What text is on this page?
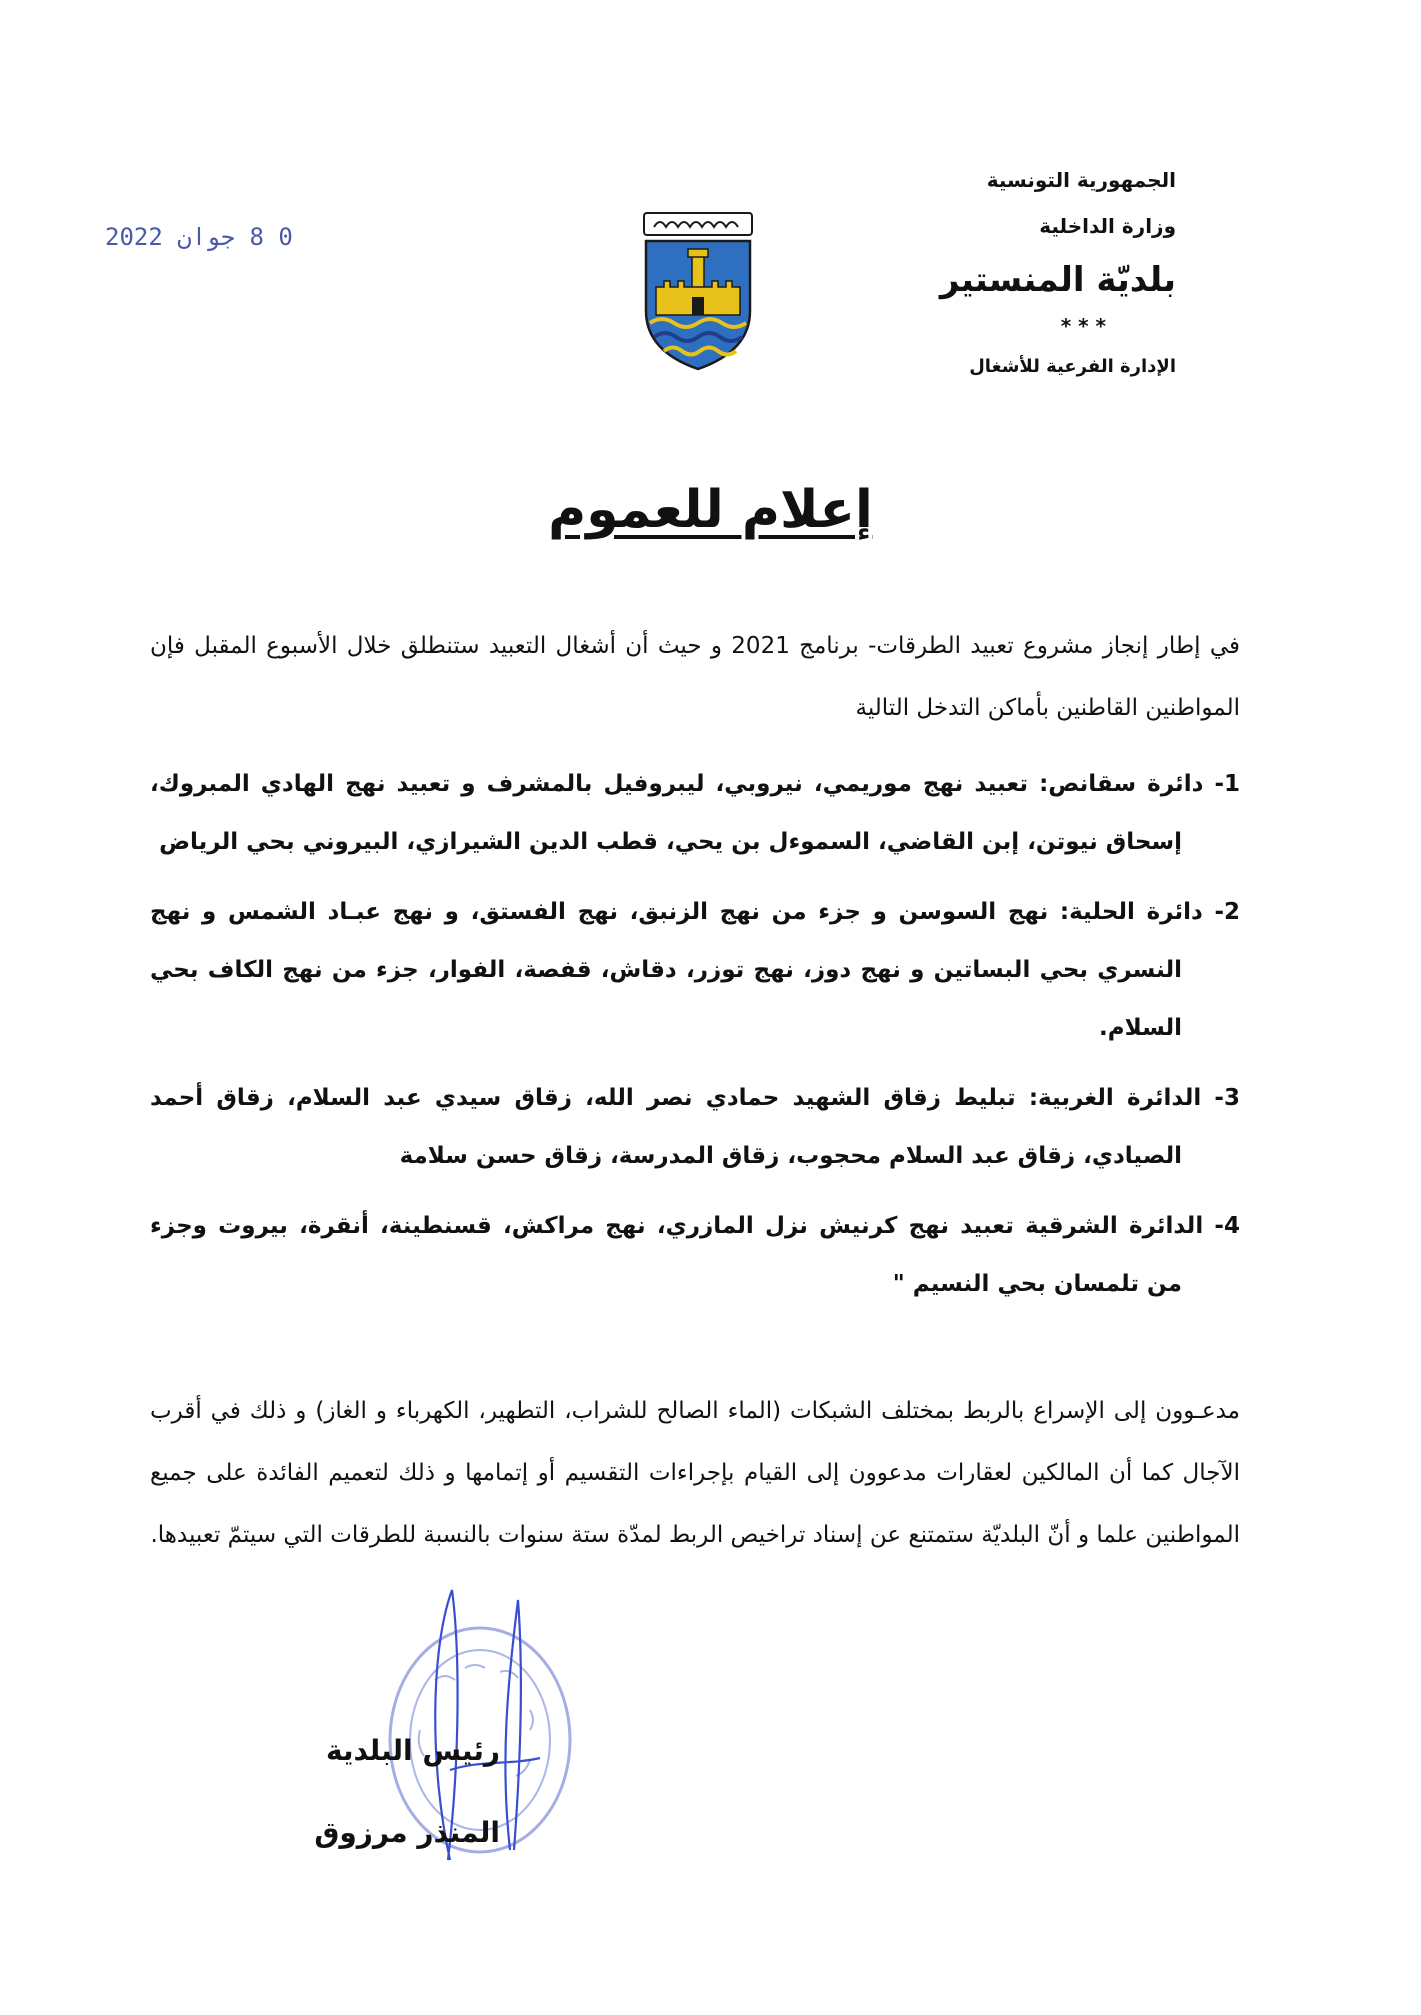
0 8 جوان 2022
الجمهورية التونسية
وزارة الداخلية
بلديّة المنستير
* * *
الإدارة الفرعية للأشغال
إعلام للعموم
في إطار إنجاز مشروع تعبيد الطرقات- برنامج 2021 و حيث أن أشغال التعبيد ستنطلق خلال الأسبوع المقبل فإن المواطنين القاطنين بأماكن التدخل التالية
1- دائرة سقانص: تعبيد نهج موريمي، نيروبي، ليبروفيل بالمشرف و تعبيد نهج الهادي المبروك، إسحاق نيوتن، إبن القاضي، السموءل بن يحي، قطب الدين الشيرازي، البيروني بحي الرياض
2- دائرة الحلية: نهج السوسن و جزء من نهج الزنبق، نهج الفستق، و نهج عبـاد الشمس و نهج النسري بحي البساتين و نهج دوز، نهج توزر، دقاش، قفصة، الفوار، جزء من نهج الكاف بحي السلام.
3- الدائرة الغربية: تبليط زقاق الشهيد حمادي نصر الله، زقاق سيدي عبد السلام، زقاق أحمد الصيادي، زقاق عبد السلام محجوب، زقاق المدرسة، زقاق حسن سلامة
4- الدائرة الشرقية تعبيد نهج كرنيش نزل المازري، نهج مراكش، قسنطينة، أنقرة، بيروت وجزء من تلمسان بحي النسيم "
مدعـوون إلى الإسراع بالربط بمختلف الشبكات (الماء الصالح للشراب، التطهير، الكهرباء و الغاز) و ذلك في أقرب الآجال كما أن المالكين لعقارات مدعوون إلى القيام بإجراءات التقسيم أو إتمامها و ذلك لتعميم الفائدة على جميع المواطنين علما و أنّ البلديّة ستمتنع عن إسناد تراخيص الربط لمدّة ستة سنوات بالنسبة للطرقات التي سيتمّ تعبيدها.
رئيس البلدية
المنذر مرزوق
